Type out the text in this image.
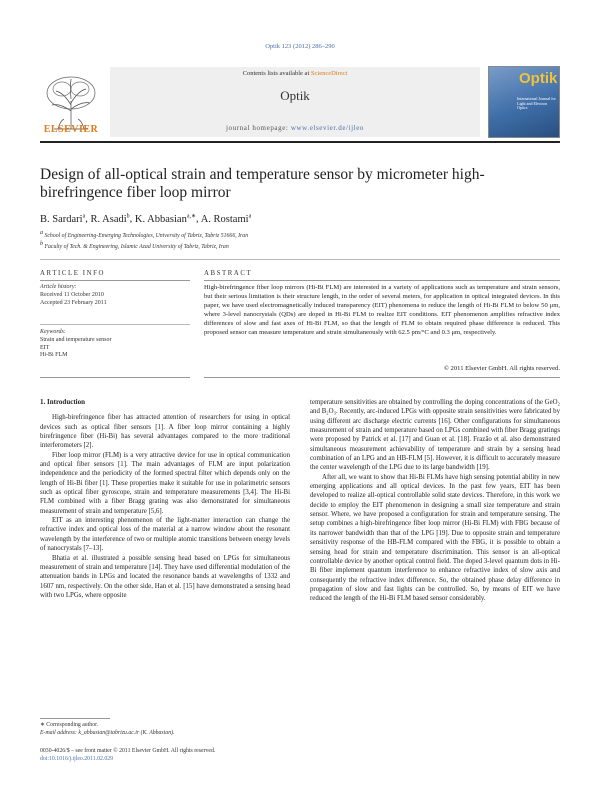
Optik 123 (2012) 286–290
Contents lists available at ScienceDirect
Optik
journal homepage: www.elsevier.de/ijleo
ELSEVIER
Optik
International Journal for Light and Electron Optics
Design of all-optical strain and temperature sensor by micrometer high-birefringence fiber loop mirror
B. Sardari$^a$, R. Asadi$^b$, K. Abbasian$^{a,∗}$, A. Rostami$^a$
$^a$ School of Engineering-Emerging Technologies, University of Tabriz, Tabriz 51666, Iran
$^b$ Faculty of Tech. & Engineering, Islamic Azad University of Tabriz, Tabriz, Iran
ARTICLE INFO
Article history:
Received 11 October 2010
Accepted 23 February 2011
Keywords:
Strain and temperature sensor
EIT
Hi-Bi FLM
ABSTRACT
High-birefringence fiber loop mirrors (Hi-Bi FLM) are interested in a variety of applications such as temperature and strain sensors, but their serious limitation is their structure length, in the order of several meters, for application in optical integrated devices. In this paper, we have used electromagnetically induced transparency (EIT) phenomena to reduce the length of Hi-Bi FLM to below 50 μm, where 3-level nanocrystals (QDs) are doped in Hi-Bi FLM to realize EIT conditions. EIT phenomenon amplifies refractive index differences of slow and fast axes of Hi-Bi FLM, so that the length of FLM to obtain required phase difference is reduced. This proposed sensor can measure temperature and strain simultaneously with 62.5 pm/°C and 0.3 μm, respectively.
© 2011 Elsevier GmbH. All rights reserved.

1. Introduction

High-birefringence fiber has attracted attention of researchers for using in optical devices such as optical fiber sensors [1]. A fiber loop mirror containing a highly birefringence fiber (Hi-Bi) has several advantages compared to the more traditional interferometers [2].

Fiber loop mirror (FLM) is a very attractive device for use in optical communication and optical fiber sensors [1]. The main advantages of FLM are input polarization independence and the periodicity of the formed spectral filter which depends only on the length of Hi-Bi fiber [1]. These properties make it suitable for use in polarimetric sensors such as optical fiber gyroscope, strain and temperature measurements [3,4]. The Hi-Bi FLM combined with a fiber Bragg grating was also demonstrated for simultaneous measurement of strain and temperature [5,6].

EIT as an interesting phenomenon of the light-matter interaction can change the refractive index and optical loss of the material at a narrow window about the resonant wavelength by the interference of two or multiple atomic transitions between energy levels of nanocrystals [7–13].

Bhatia et al. illustrated a possible sensing head based on LPGs for simultaneous measurement of strain and temperature [14]. They have used differential modulation of the attenuation bands in LPGs and located the resonance bands at wavelengths of 1332 and 1607 nm, respectively. On the other side, Han et al. [15] have demonstrated a sensing head with two LPGs, where opposite

temperature sensitivities are obtained by controlling the doping concentrations of the GeO₂ and B₂O₃. Recently, arc-induced LPGs with opposite strain sensitivities were fabricated by using different arc discharge electric currents [16]. Other configurations for simultaneous measurement of strain and temperature based on LPGs combined with fiber Bragg gratings were proposed by Patrick et al. [17] and Guan et al. [18]. Frazão et al. also demonstrated simultaneous measurement achievability of temperature and strain by a sensing head combination of an LPG and an HB-FLM [5]. However, it is difficult to accurately measure the center wavelength of the LPG due to its large bandwidth [19].

After all, we want to show that Hi-Bi FLMs have high sensing potential ability in new emerging applications and all optical devices. In the past few years, EIT has been developed to realize all-optical controllable solid state devices. Therefore, in this work we decide to employ the EIT phenomenon in designing a small size temperature and strain sensor. Where, we have proposed a configuration for strain and temperature sensing. The setup combines a high-birefringence fiber loop mirror (Hi-Bi FLM) with FBG because of its narrower bandwidth than that of the LPG [19]. Due to opposite strain and temperature sensitivity response of the HB-FLM compared with the FBG, it is possible to obtain a sensing head for strain and temperature discrimination. This sensor is an all-optical controllable device by another optical control field. The doped 3-level quantum dots in Hi-Bi fiber implement quantum interference to enhance refractive index of slow axis and consequently the refractive index difference. So, the obtained phase delay difference in propagation of slow and fast lights can be controlled. So, by means of EIT we have reduced the length of the Hi-Bi FLM based sensor considerably.

∗ Corresponding author.
E-mail address: k_abbasian@tabrizu.ac.ir (K. Abbasian).
0030-4026/$ – see front matter © 2011 Elsevier GmbH. All rights reserved.
doi:10.1016/j.ijleo.2011.02.029
